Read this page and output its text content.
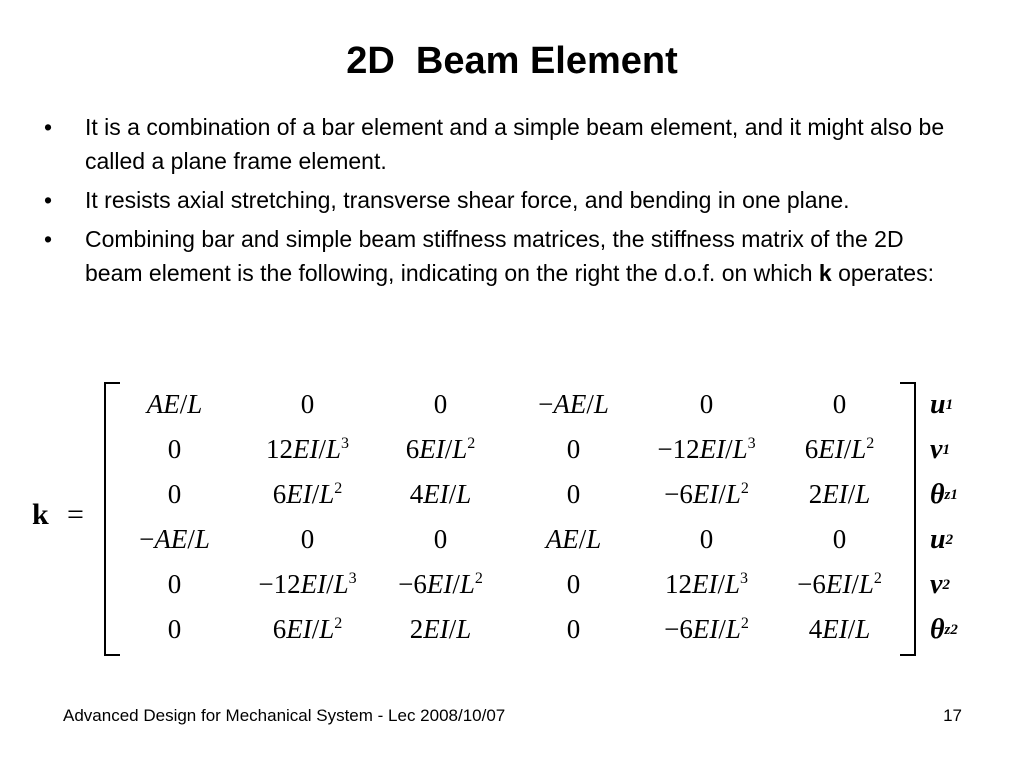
2D  Beam Element
• It is a combination of a bar element and a simple beam element, and it might also be called a plane frame element.
• It resists axial stretching, transverse shear force, and bending in one plane.
• Combining bar and simple beam stiffness matrices, the stiffness matrix of the 2D beam element is the following, indicating on the right the d.o.f. on which k operates:
k =
AE/L	0	0	−AE/L	0	0
0	$12EI/L^3$	$6EI/L^2$	0	$-12EI/L^3$	$6EI/L^2$
0	$6EI/L^2$	4EI/L	0	$-6EI/L^2$	2EI/L
−AE/L	0	0	AE/L	0	0
0	$-12EI/L^3$	$-6EI/L^2$	0	$12EI/L^3$	$-6EI/L^2$
0	$6EI/L^2$	2EI/L	0	$-6EI/L^2$	4EI/L
u 1
v 1
θ z1
u 2
v 2
θ z2
Advanced Design for Mechanical System - Lec 2008/10/07	17
